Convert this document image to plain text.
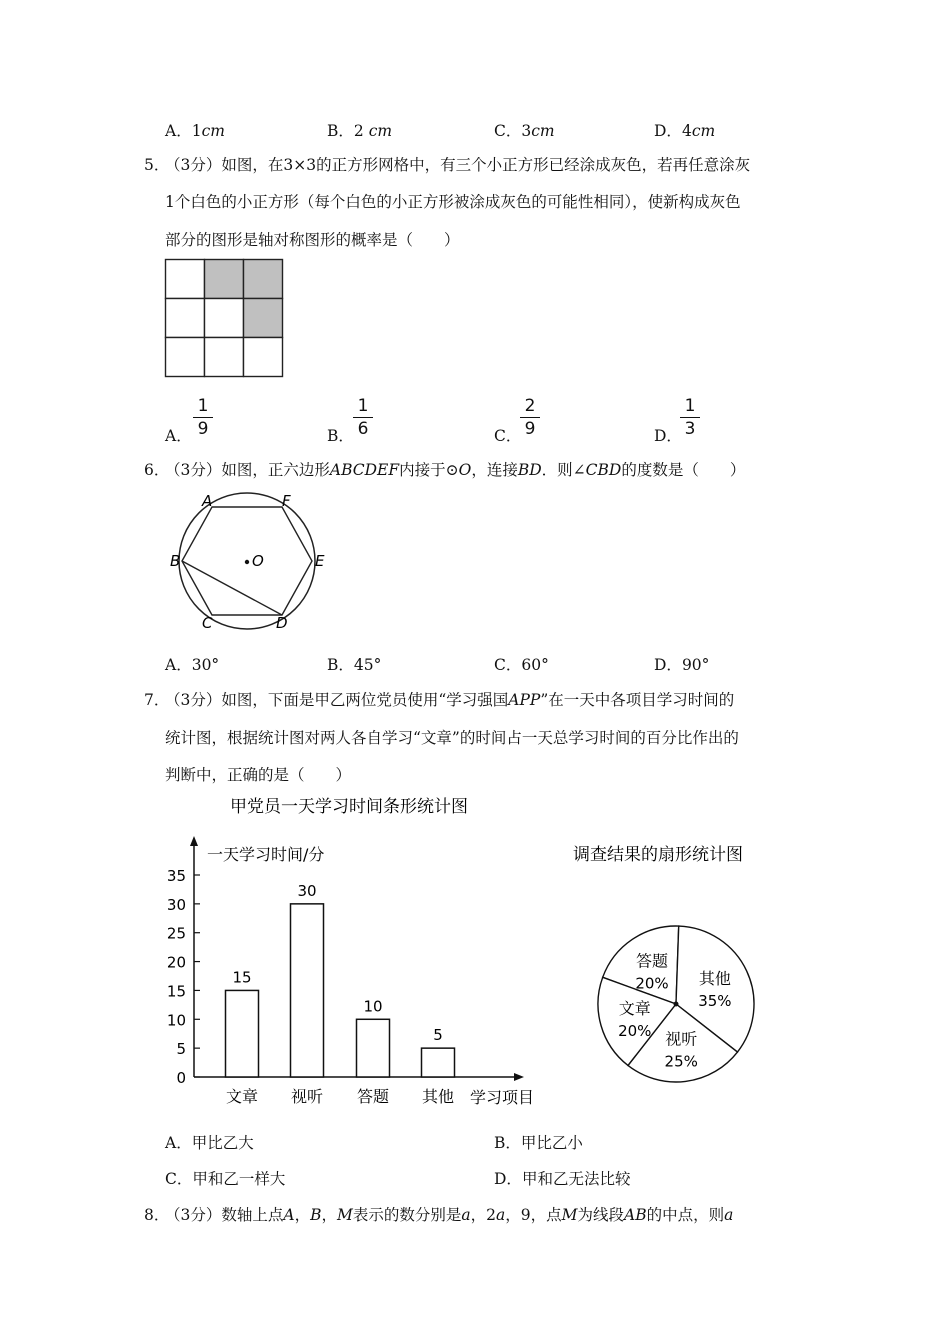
A．1cm	B．2 cm	C．3cm	D．4cm
5．
（3分）如图，在3×3的正方形网格中，有三个小正方形已经涂成灰色，若再任意涂灰
1个白色的小正方形（每个白色的小正方形被涂成灰色的可能性相同），使新构成灰色
部分的图形是轴对称图形的概率是（　　）
A．
1
9	B．
1
6	C．
2
9	D．
1
3
6．
（3分）如图，正六边形ABCDEF内接于⊙O，连接BD．则∠CBD的度数是（　　）
A	F
B	O	E
C	D
A．30°	B．45°	C．60°	D．90°
7．
（3分）如图，下面是甲乙两位党员使用“学习强国APP”在一天中各项目学习时间的
统计图，根据统计图对两人各自学习“文章”的时间占一天总学习时间的百分比作出的
判断中，正确的是（　　）
甲党员一天学习时间条形统计图
一天学习时间/分
学习项目
0
5
10
15
20
25
30
35
15
文章
30
视听
10
答题
5
其他
调查结果的扇形统计图
答题
20% 其他
35%
视听
25%
文章
20%
A．甲比乙大	B．甲比乙小
C．甲和乙一样大	D．甲和乙无法比较
8．
（3分）数轴上点A，B，M表示的数分别是a，2a，9，点M为线段AB的中点，则a
